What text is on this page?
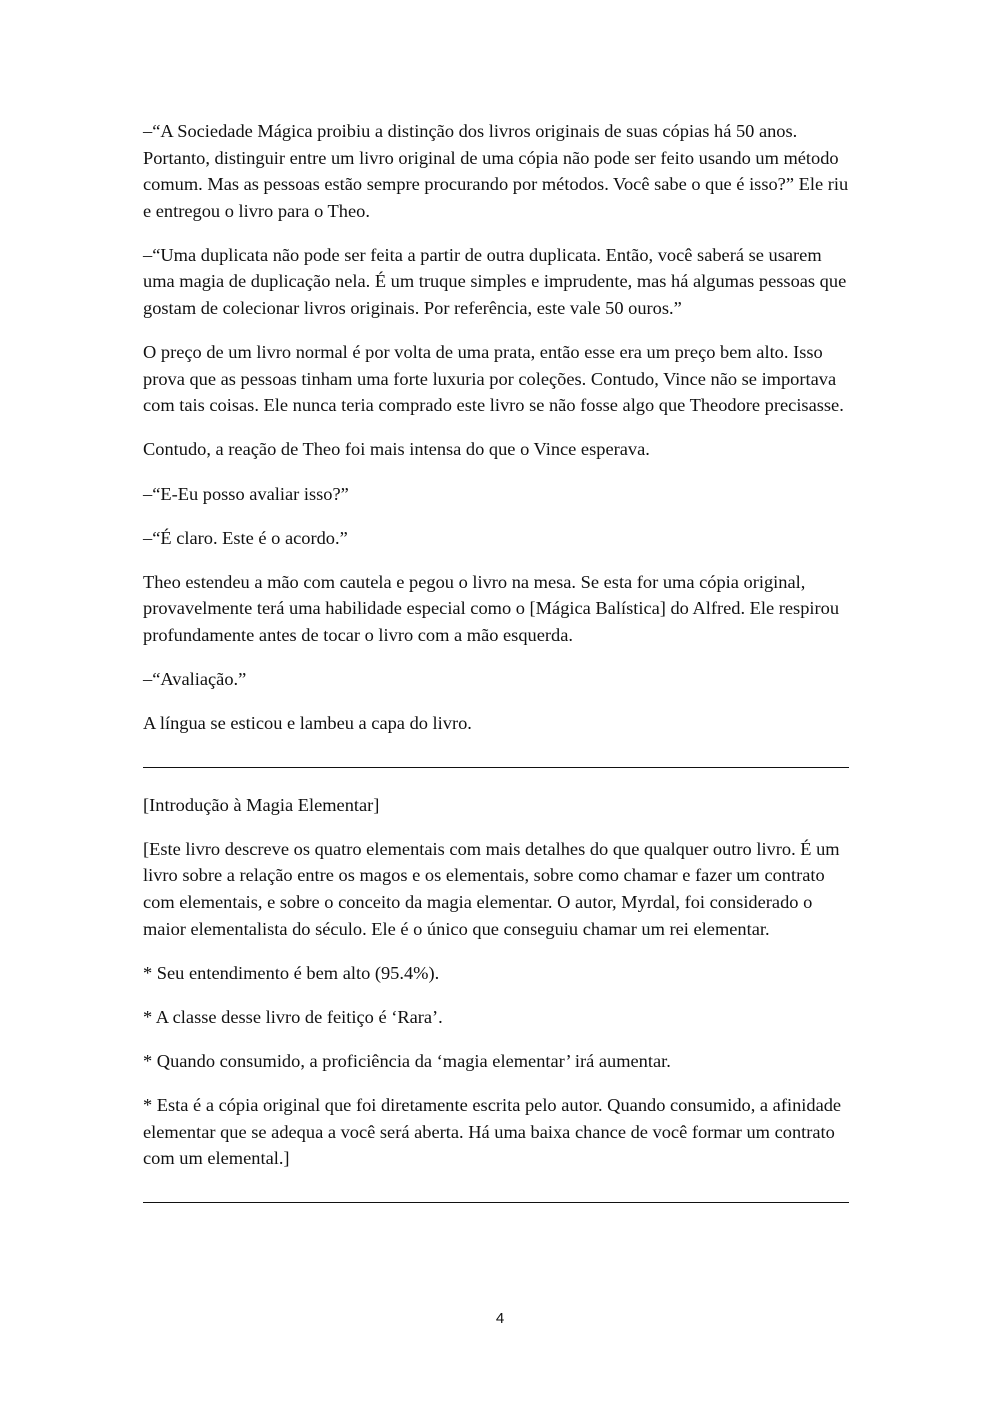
–“A Sociedade Mágica proibiu a distinção dos livros originais de suas cópias há 50 anos. Portanto, distinguir entre um livro original de uma cópia não pode ser feito usando um método comum. Mas as pessoas estão sempre procurando por métodos. Você sabe o que é isso?” Ele riu e entregou o livro para o Theo.

–“Uma duplicata não pode ser feita a partir de outra duplicata. Então, você saberá se usarem uma magia de duplicação nela. É um truque simples e imprudente, mas há algumas pessoas que gostam de colecionar livros originais. Por referência, este vale 50 ouros.”

O preço de um livro normal é por volta de uma prata, então esse era um preço bem alto. Isso prova que as pessoas tinham uma forte luxuria por coleções. Contudo, Vince não se importava com tais coisas. Ele nunca teria comprado este livro se não fosse algo que Theodore precisasse.

Contudo, a reação de Theo foi mais intensa do que o Vince esperava.

–“E-Eu posso avaliar isso?”

–“É claro. Este é o acordo.”

Theo estendeu a mão com cautela e pegou o livro na mesa. Se esta for uma cópia original, provavelmente terá uma habilidade especial como o [Mágica Balística] do Alfred. Ele respirou profundamente antes de tocar o livro com a mão esquerda.

–“Avaliação.”

A língua se esticou e lambeu a capa do livro.

[Introdução à Magia Elementar]

[Este livro descreve os quatro elementais com mais detalhes do que qualquer outro livro. É um livro sobre a relação entre os magos e os elementais, sobre como chamar e fazer um contrato com elementais, e sobre o conceito da magia elementar. O autor, Myrdal, foi considerado o maior elementalista do século. Ele é o único que conseguiu chamar um rei elementar.

* Seu entendimento é bem alto (95.4%).

* A classe desse livro de feitiço é ‘Rara’.

* Quando consumido, a proficiência da ‘magia elementar’ irá aumentar.

* Esta é a cópia original que foi diretamente escrita pelo autor. Quando consumido, a afinidade elementar que se adequa a você será aberta. Há uma baixa chance de você formar um contrato com um elemental.]

4
